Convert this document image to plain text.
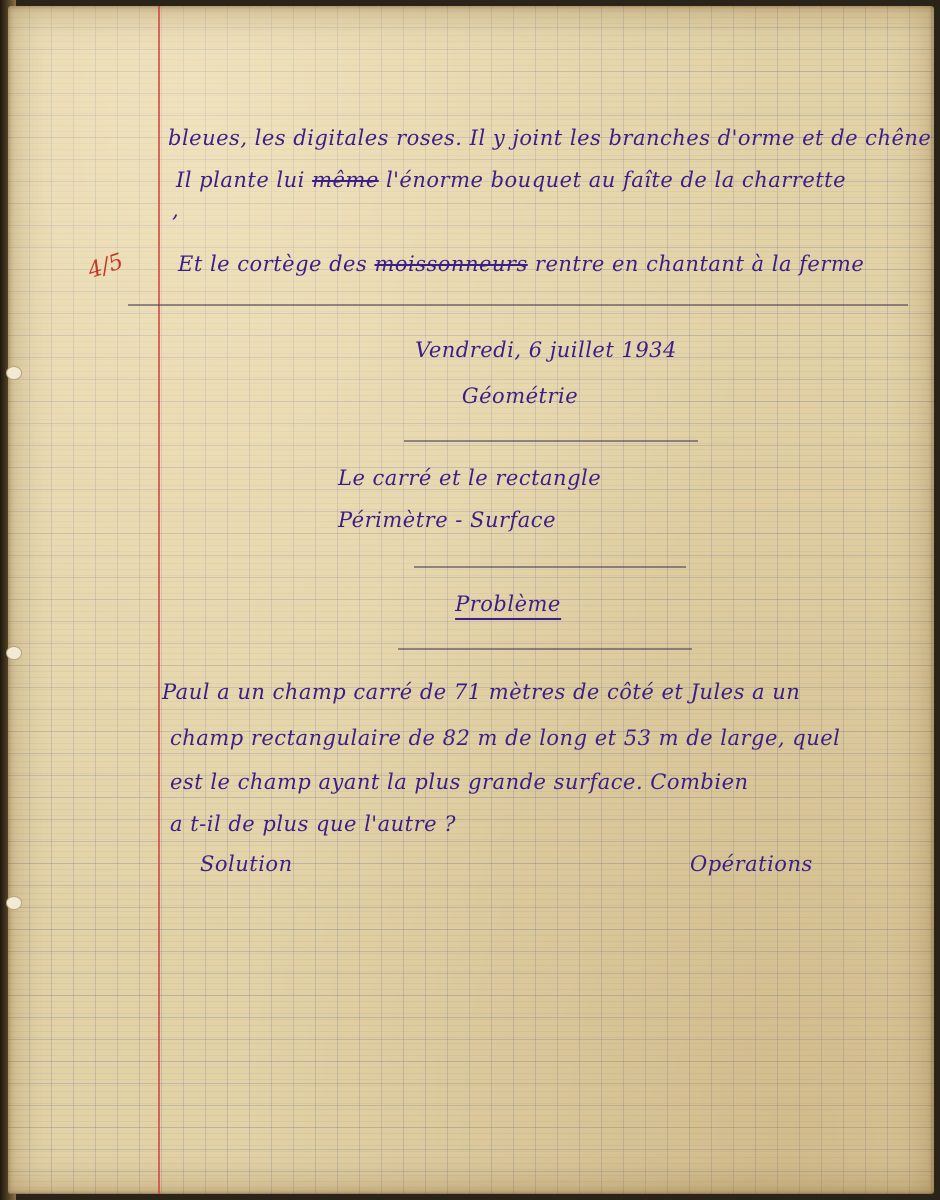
bleues, les digitales roses. Il y joint les branches d'orme et de chêne
Il plante lui même l'énorme bouquet au faîte de la charrette
,
4/5 Et le cortège des moissonneurs rentre en chantant à la ferme
Vendredi, 6 juillet 1934
Géométrie
Le carré et le rectangle
Périmètre - Surface
Problème
Paul a un champ carré de 71 mètres de côté et Jules a un
champ rectangulaire de 82 m de long et 53 m de large, quel
est le champ ayant la plus grande surface. Combien
a t-il de plus que l'autre ?
Solution	Opérations
